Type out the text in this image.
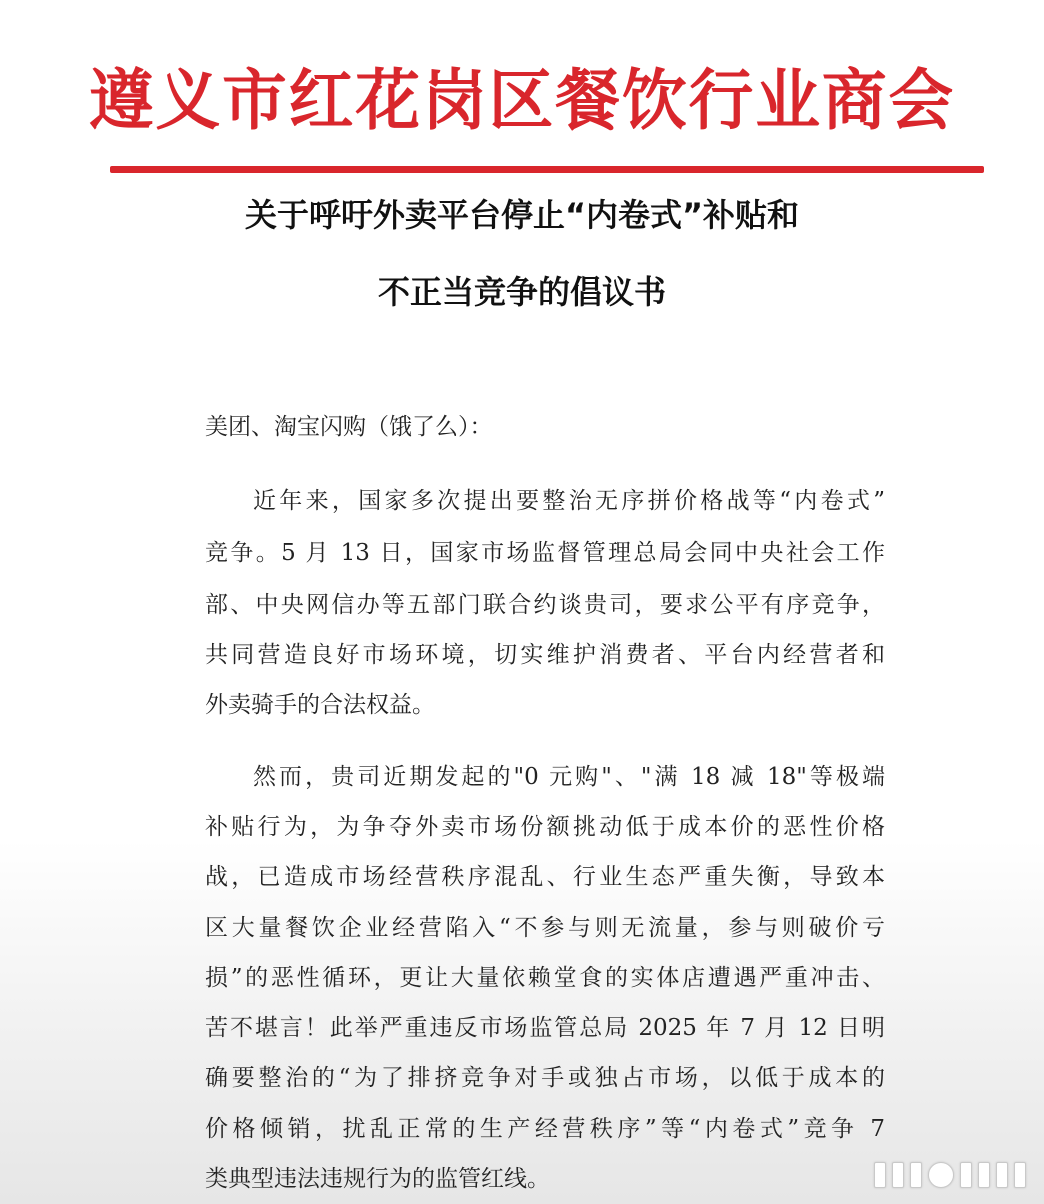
遵义市红花岗区餐饮行业商会
关于呼吁外卖平台停止“内卷式”补贴和
不正当竞争的倡议书
美团、淘宝闪购（饿了么）：
近年来，国家多次提出要整治无序拼价格战等“内卷式”
竞争。5 月 13 日，国家市场监督管理总局会同中央社会工作
部、中央网信办等五部门联合约谈贵司，要求公平有序竞争，
共同营造良好市场环境，切实维护消费者、平台内经营者和
外卖骑手的合法权益。
然而，贵司近期发起的"0 元购"、"满 18 减 18"等极端
补贴行为，为争夺外卖市场份额挑动低于成本价的恶性价格
战，已造成市场经营秩序混乱、行业生态严重失衡，导致本
区大量餐饮企业经营陷入“不参与则无流量，参与则破价亏
损”的恶性循环，更让大量依赖堂食的实体店遭遇严重冲击、
苦不堪言！此举严重违反市场监管总局 2025 年 7 月 12 日明
确要整治的“为了排挤竞争对手或独占市场，以低于成本的
价格倾销，扰乱正常的生产经营秩序”等“内卷式”竞争 7
类典型违法违规行为的监管红线。
